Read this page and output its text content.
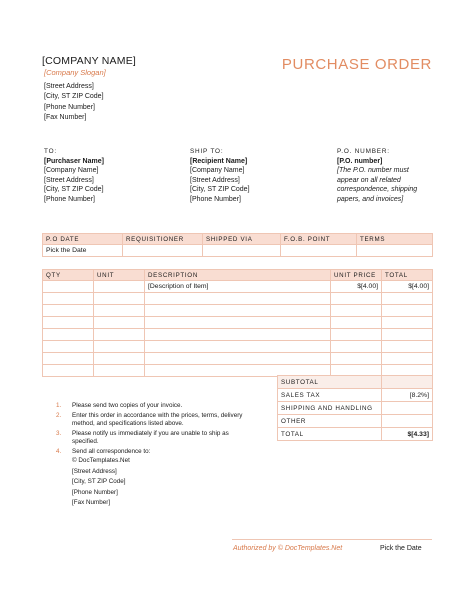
[COMPANY NAME]
[Company Slogan]
[Street Address]
[City, ST ZIP Code]
[Phone Number]
[Fax Number]
PURCHASE ORDER
TO:
[Purchaser Name]
[Company Name]
[Street Address]
[City, ST ZIP Code]
[Phone Number]
SHIP TO:
[Recipient Name]
[Company Name]
[Street Address]
[City, ST ZIP Code]
[Phone Number]
P.O. NUMBER:
[P.O. number]
[The P.O. number must
appear on all related
correspondence, shipping
papers, and invoices]
P.O DATE	REQUISITIONER	SHIPPED VIA	F.O.B. POINT	TERMS
Pick the Date				
QTY	UNIT	DESCRIPTION	UNIT PRICE	TOTAL
		[Description of Item]	$[4.00]	$[4.00]

SUBTOTAL	
SALES TAX	[8.2%]
SHIPPING AND HANDLING	
OTHER	
TOTAL	$[4.33]
1. Please send two copies of your invoice.
2. Enter this order in accordance with the prices, terms, delivery method, and specifications listed above.
3. Please notify us immediately if you are unable to ship as specified.
4. Send all correspondence to:
© DocTemplates.Net
[Street Address]
[City, ST ZIP Code]
[Phone Number]
[Fax Number]
Authorized by © DocTemplates.Net	Pick the Date
